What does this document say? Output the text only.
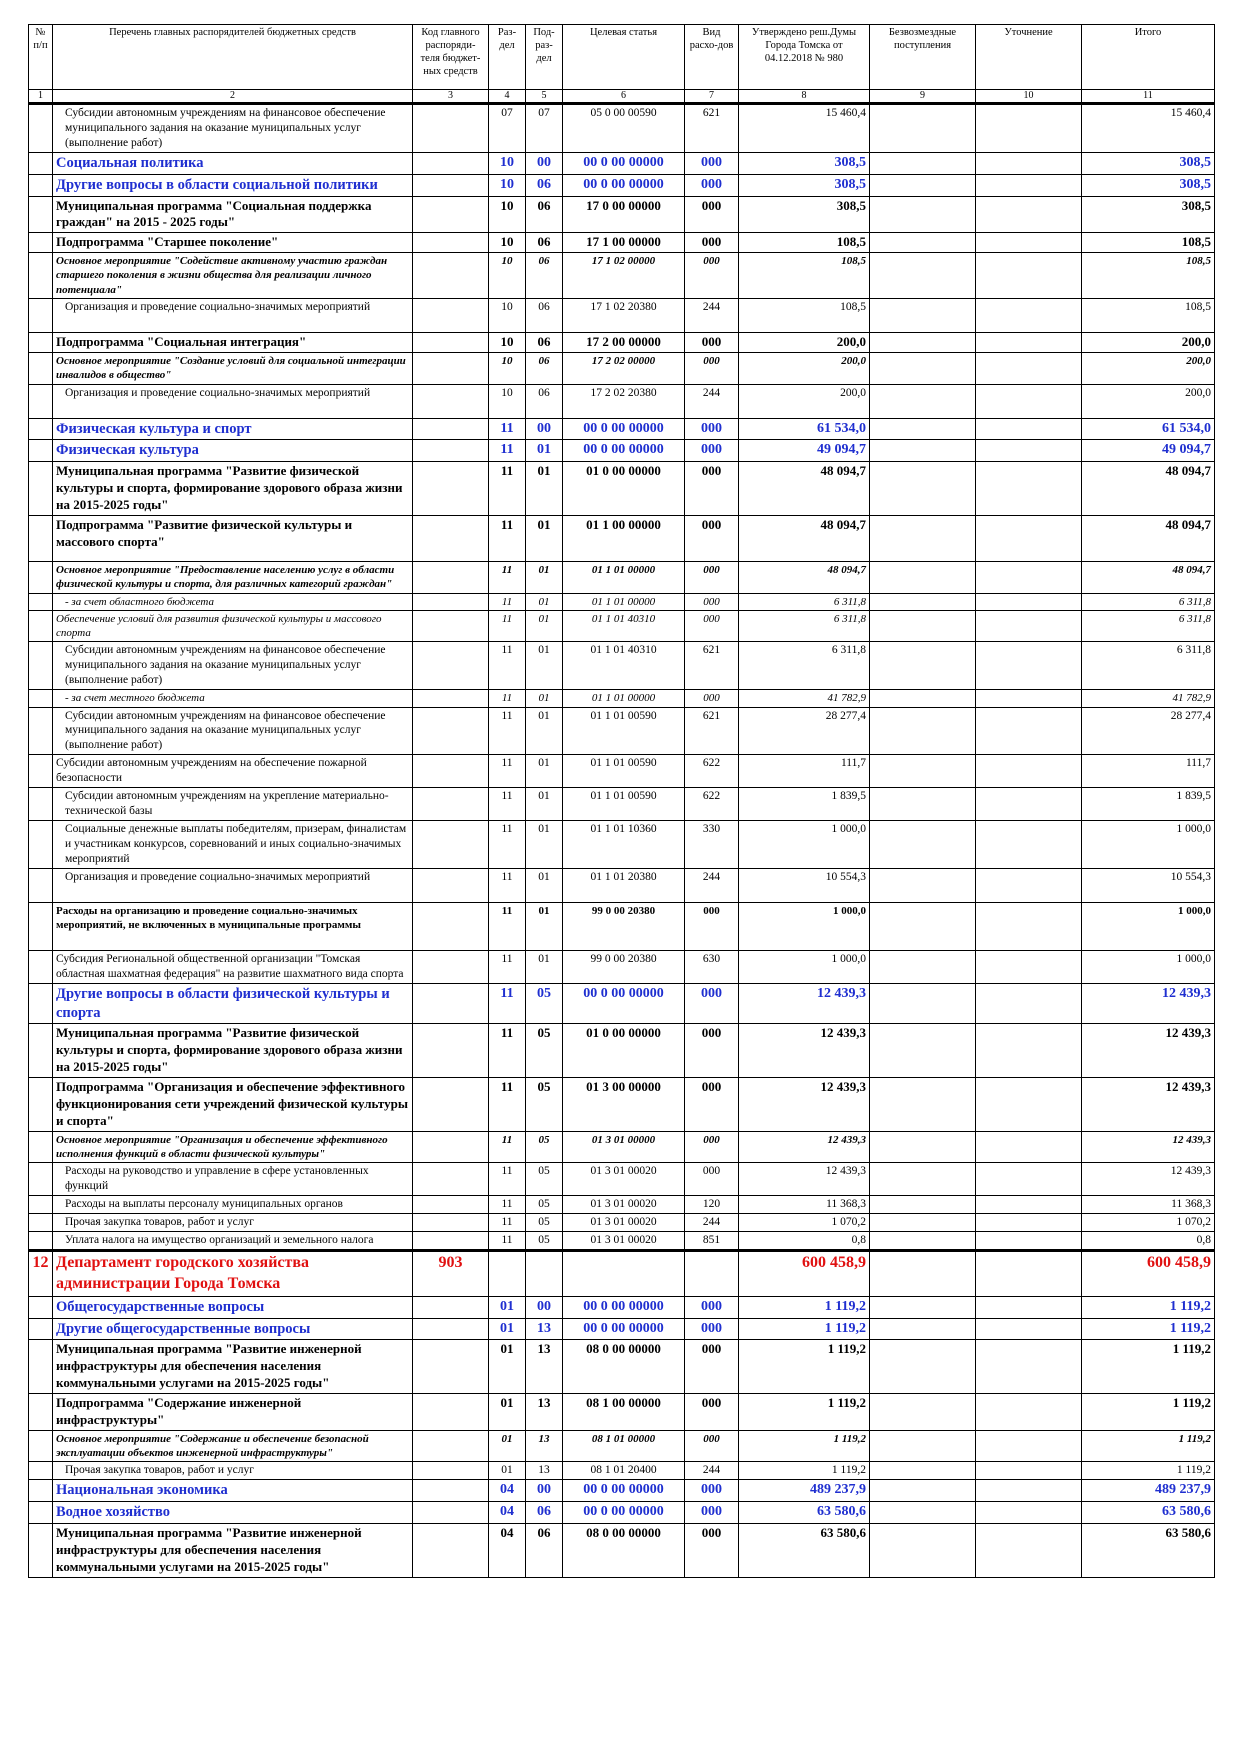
№ п/п	Перечень главных распорядителей бюджетных средств	Код главного распоряди-теля бюджет-ных средств	Раз-дел	Под-раз-дел	Целевая статья	Вид расхо-дов	Утверждено реш.Думы Города Томска от 04.12.2018 № 980	Безвозмездные поступления	Уточнение	Итого
1	2	3	4	5	6	7	8	9	10	11
	Субсидии автономным учреждениям на финансовое обеспечение муниципального задания на оказание муниципальных услуг (выполнение работ)		07	07	05 0 00 00590	621	15 460,4			15 460,4
	Социальная политика		10	00	00 0 00 00000	000	308,5			308,5
	Другие вопросы в области социальной политики		10	06	00 0 00 00000	000	308,5			308,5
	Муниципальная программа "Социальная поддержка граждан" на 2015 - 2025 годы"		10	06	17 0 00 00000	000	308,5			308,5
	Подпрограмма "Старшее поколение"		10	06	17 1 00 00000	000	108,5			108,5
	Основное мероприятие "Содействие активному участию граждан старшего поколения в жизни общества для реализации личного потенциала"		10	06	17 1 02 00000	000	108,5			108,5
	Организация и проведение социально-значимых мероприятий		10	06	17 1 02 20380	244	108,5			108,5
	Подпрограмма "Социальная интеграция"		10	06	17 2 00 00000	000	200,0			200,0
	Основное мероприятие "Создание условий для социальной интеграции инвалидов в общество"		10	06	17 2 02 00000	000	200,0			200,0
	Организация и проведение социально-значимых мероприятий		10	06	17 2 02 20380	244	200,0			200,0
	Физическая культура и спорт		11	00	00 0 00 00000	000	61 534,0			61 534,0
	Физическая культура		11	01	00 0 00 00000	000	49 094,7			49 094,7
	Муниципальная программа "Развитие физической культуры и спорта, формирование здорового образа жизни на 2015-2025 годы"		11	01	01 0 00 00000	000	48 094,7			48 094,7
	Подпрограмма "Развитие физической культуры и массового спорта"		11	01	01 1 00 00000	000	48 094,7			48 094,7
	Основное мероприятие "Предоставление населению услуг в области физической культуры и спорта, для различных категорий граждан"		11	01	01 1 01 00000	000	48 094,7			48 094,7
	- за счет областного бюджета		11	01	01 1 01 00000	000	6 311,8			6 311,8
	Обеспечение условий для развития физической культуры и массового спорта		11	01	01 1 01 40310	000	6 311,8			6 311,8
	Субсидии автономным учреждениям на финансовое обеспечение муниципального задания на оказание муниципальных услуг (выполнение работ)		11	01	01 1 01 40310	621	6 311,8			6 311,8
	- за счет местного бюджета		11	01	01 1 01 00000	000	41 782,9			41 782,9
	Субсидии автономным учреждениям на финансовое обеспечение муниципального задания на оказание муниципальных услуг (выполнение работ)		11	01	01 1 01 00590	621	28 277,4			28 277,4
	Субсидии автономным учреждениям на обеспечение пожарной безопасности		11	01	01 1 01 00590	622	111,7			111,7
	Субсидии автономным учреждениям на укрепление материально-технической базы		11	01	01 1 01 00590	622	1 839,5			1 839,5
	Социальные денежные выплаты победителям, призерам, финалистам и участникам конкурсов, соревнований и иных социально-значимых мероприятий		11	01	01 1 01 10360	330	1 000,0			1 000,0
	Организация и проведение социально-значимых мероприятий		11	01	01 1 01 20380	244	10 554,3			10 554,3
	Расходы на организацию и проведение социально-значимых мероприятий, не включенных в муниципальные программы		11	01	99 0 00 20380	000	1 000,0			1 000,0
	Субсидия Региональной общественной организации "Томская областная шахматная федерация" на развитие шахматного вида спорта		11	01	99 0 00 20380	630	1 000,0			1 000,0
	Другие вопросы в области физической культуры и спорта		11	05	00 0 00 00000	000	12 439,3			12 439,3
	Муниципальная программа "Развитие физической культуры и спорта, формирование здорового образа жизни на 2015-2025 годы"		11	05	01 0 00 00000	000	12 439,3			12 439,3
	Подпрограмма "Организация и обеспечение эффективного функционирования сети учреждений физической культуры и спорта"		11	05	01 3 00 00000	000	12 439,3			12 439,3
	Основное мероприятие "Организация и обеспечение эффективного исполнения функций в области физической культуры"		11	05	01 3 01 00000	000	12 439,3			12 439,3
	Расходы на руководство и управление в сфере установленных функций		11	05	01 3 01 00020	000	12 439,3			12 439,3
	Расходы на выплаты персоналу муниципальных органов		11	05	01 3 01 00020	120	11 368,3			11 368,3
	Прочая закупка товаров, работ и услуг		11	05	01 3 01 00020	244	1 070,2			1 070,2
	Уплата налога на имущество организаций и земельного налога		11	05	01 3 01 00020	851	0,8			0,8
12	Департамент городского хозяйства администрации Города Томска	903					600 458,9			600 458,9
	Общегосударственные вопросы		01	00	00 0 00 00000	000	1 119,2			1 119,2
	Другие общегосударственные вопросы		01	13	00 0 00 00000	000	1 119,2			1 119,2
	Муниципальная программа "Развитие инженерной инфраструктуры для обеспечения населения коммунальными услугами на 2015-2025 годы"		01	13	08 0 00 00000	000	1 119,2			1 119,2
	Подпрограмма "Содержание инженерной инфраструктуры"		01	13	08 1 00 00000	000	1 119,2			1 119,2
	Основное мероприятие "Содержание и обеспечение безопасной эксплуатации объектов инженерной инфраструктуры"		01	13	08 1 01 00000	000	1 119,2			1 119,2
	Прочая закупка товаров, работ и услуг		01	13	08 1 01 20400	244	1 119,2			1 119,2
	Национальная экономика		04	00	00 0 00 00000	000	489 237,9			489 237,9
	Водное хозяйство		04	06	00 0 00 00000	000	63 580,6			63 580,6
	Муниципальная программа "Развитие инженерной инфраструктуры для обеспечения населения коммунальными услугами на 2015-2025 годы"		04	06	08 0 00 00000	000	63 580,6			63 580,6
